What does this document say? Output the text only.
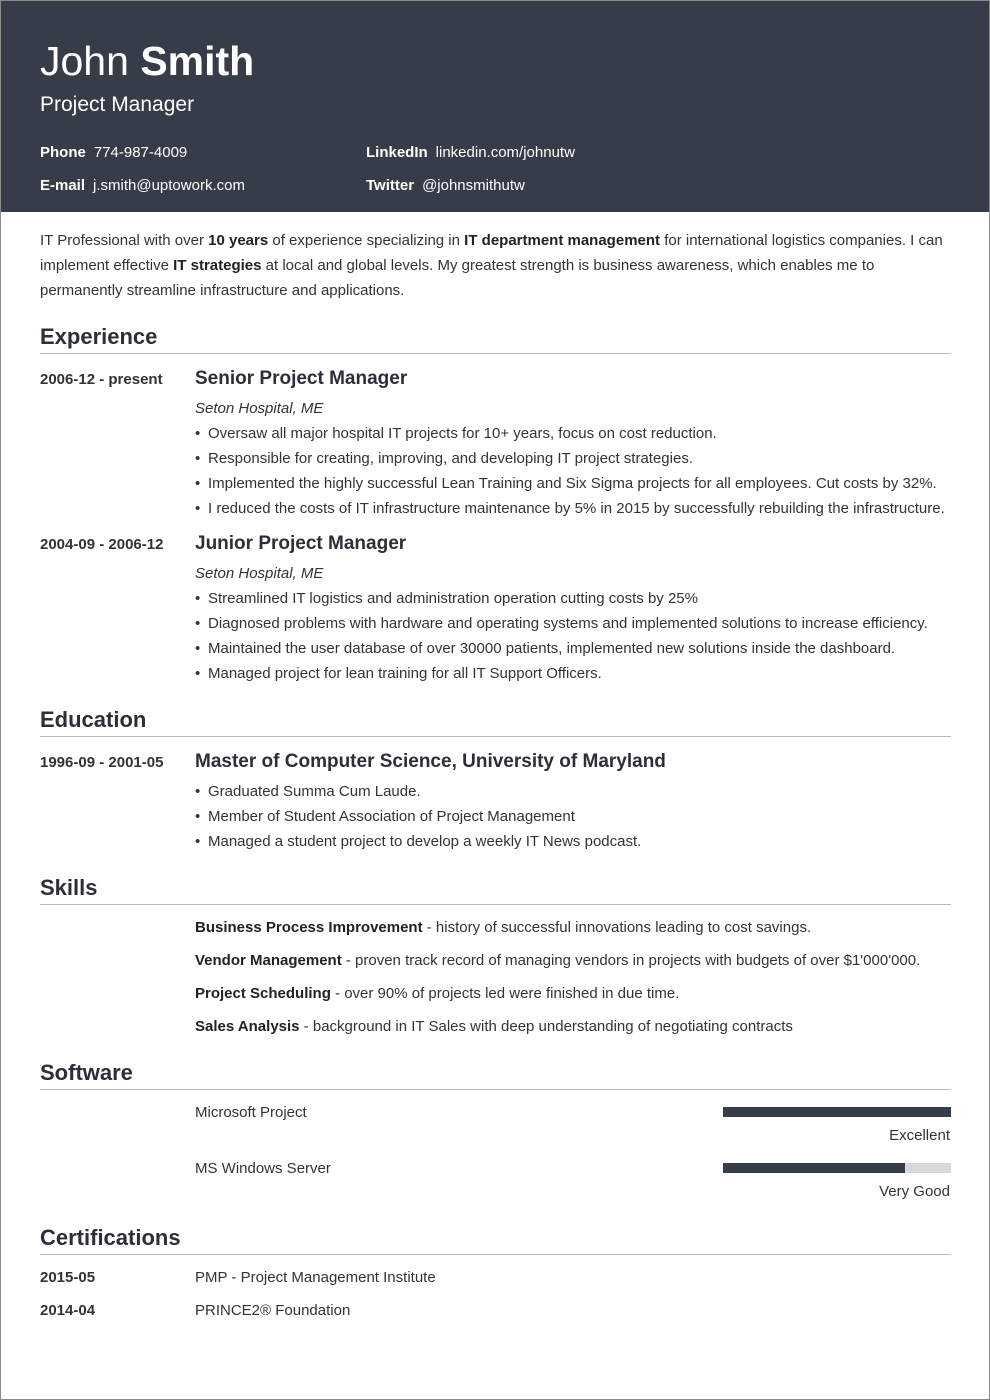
John Smith
Project Manager
Phone 774-987-4009
E-mail j.smith@uptowork.com
LinkedIn linkedin.com/johnutw
Twitter @johnsmithutw
IT Professional with over 10 years of experience specializing in IT department management for international logistics companies. I can implement effective IT strategies at local and global levels. My greatest strength is business awareness, which enables me to permanently streamline infrastructure and applications.
Experience
2006-12 - present Senior Project Manager
Seton Hospital, ME
• Oversaw all major hospital IT projects for 10+ years, focus on cost reduction.
• Responsible for creating, improving, and developing IT project strategies.
• Implemented the highly successful Lean Training and Six Sigma projects for all employees. Cut costs by 32%.
• I reduced the costs of IT infrastructure maintenance by 5% in 2015 by successfully rebuilding the infrastructure.
2004-09 - 2006-12 Junior Project Manager
Seton Hospital, ME
• Streamlined IT logistics and administration operation cutting costs by 25%
• Diagnosed problems with hardware and operating systems and implemented solutions to increase efficiency.
• Maintained the user database of over 30000 patients, implemented new solutions inside the dashboard.
• Managed project for lean training for all IT Support Officers.
Education
1996-09 - 2001-05 Master of Computer Science, University of Maryland
• Graduated Summa Cum Laude.
• Member of Student Association of Project Management
• Managed a student project to develop a weekly IT News podcast.
Skills
Business Process Improvement - history of successful innovations leading to cost savings.
Vendor Management - proven track record of managing vendors in projects with budgets of over $1'000'000.
Project Scheduling - over 90% of projects led were finished in due time.
Sales Analysis - background in IT Sales with deep understanding of negotiating contracts
Software
Microsoft Project
Excellent
MS Windows Server
Very Good
Certifications
2015-05	PMP - Project Management Institute
2014-04	PRINCE2® Foundation
